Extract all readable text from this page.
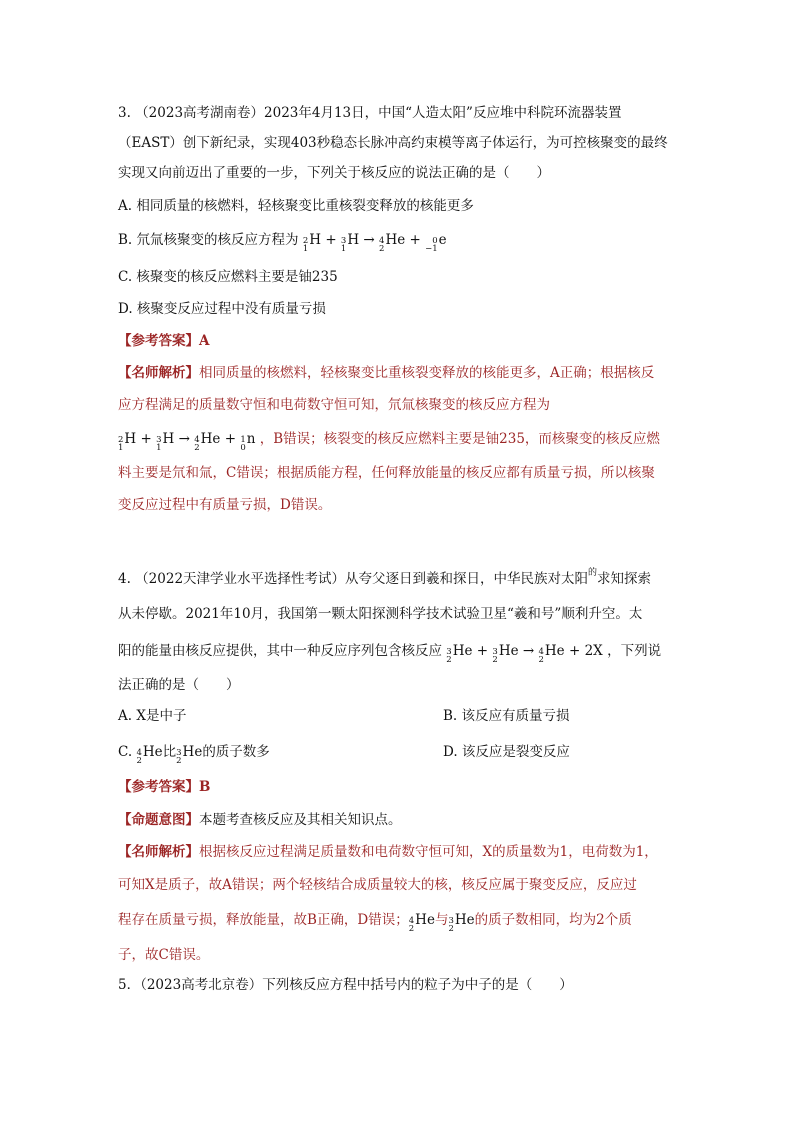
3. （2023高考湖南卷）2023年4月13日，中国“人造太阳”反应堆中科院环流器装置
（EAST）创下新纪录，实现403秒稳态长脉冲高约束模等离子体运行，为可控核聚变的最终
实现又向前迈出了重要的一步，下列关于核反应的说法正确的是（　　）
A. 相同质量的核燃料，轻核聚变比重核裂变释放的核能更多
B. 氘氚核聚变的核反应方程为 2
1
H + 3
1
H → 4
2
He + 0
−1
e
C. 核聚变的核反应燃料主要是铀235
D. 核聚变反应过程中没有质量亏损
【参考答案】A
【名师解析】相同质量的核燃料，轻核聚变比重核裂变释放的核能更多，A正确；根据核反
应方程满足的质量数守恒和电荷数守恒可知，氘氚核聚变的核反应方程为
2
1
H + 3
1
H → 4
2
He + 1
0
n ，B错误；核裂变的核反应燃料主要是铀235，而核聚变的核反应燃
料主要是氘和氚，C错误；根据质能方程，任何释放能量的核反应都有质量亏损，所以核聚
变反应过程中有质量亏损，D错误。
4. （2022天津学业水平选择性考试）从夸父逐日到羲和探日，中华民族对太阳$^的$求知探索
从未停歇。2021年10月，我国第一颗太阳探测科学技术试验卫星“羲和号”顺利升空。太
阳的能量由核反应提供，其中一种反应序列包含核反应 3
2
He + 3
2
He → 4
2
He + 2X ，下列说
法正确的是（　　）
A. X是中子	B. 该反应有质量亏损
C. 4
2
He比 3
2
He的质子数多	D. 该反应是裂变反应
【参考答案】B
【命题意图】本题考查核反应及其相关知识点。
【名师解析】根据核反应过程满足质量数和电荷数守恒可知，X的质量数为1，电荷数为1，
可知X是质子，故A错误；两个轻核结合成质量较大的核，核反应属于聚变反应，反应过
程存在质量亏损，释放能量，故B正确，D错误； 4
2
He与 3
2
He的质子数相同，均为2个质
子，故C错误。
5．（2023高考北京卷）下列核反应方程中括号内的粒子为中子的是（　　）
